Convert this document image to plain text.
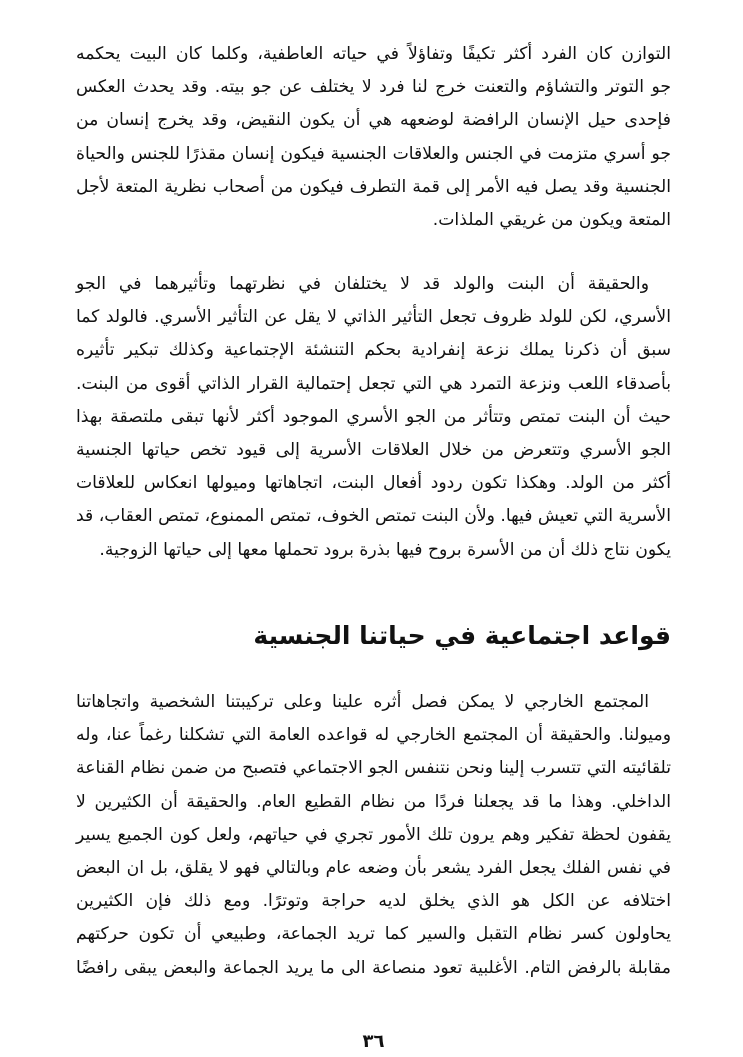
التوازن كان الفرد أكثر تكيفًا وتفاؤلاً في حياته العاطفية، وكلما كان البيت يحكمه
جو التوتر والتشاؤم والتعنت خرج لنا فرد لا يختلف عن جو بيته. وقد يحدث العكس
فإحدى حيل الإنسان الرافضة لوضعهه هي أن يكون النقيض، وقد يخرج إنسان من
جو أسري متزمت في الجنس والعلاقات الجنسية فيكون إنسان مقذرًا للجنس والحياة
الجنسية وقد يصل فيه الأمر إلى قمة التطرف فيكون من أصحاب نظرية المتعة لأجل
المتعة ويكون من غريقي الملذات.

والحقيقة أن البنت والولد قد لا يختلفان في نظرتهما وتأثيرهما في الجو
الأسري، لكن للولد ظروف تجعل التأثير الذاتي لا يقل عن التأثير الأسري. فالولد كما
سبق أن ذكرنا يملك نزعة إنفرادية بحكم التنشئة الإجتماعية وكذلك تبكير تأثيره
بأصدقاء اللعب ونزعة التمرد هي التي تجعل إحتمالية القرار الذاتي أقوى من البنت.
حيث أن البنت تمتص وتتأثر من الجو الأسري الموجود أكثر لأنها تبقى ملتصقة بهذا
الجو الأسري وتتعرض من خلال العلاقات الأسرية إلى قيود تخص حياتها الجنسية
أكثر من الولد. وهكذا تكون ردود أفعال البنت، اتجاهاتها وميولها انعكاس للعلاقات
الأسرية التي تعيش فيها. ولأن البنت تمتص الخوف، تمتص الممنوع، تمتص العقاب، قد
يكون نتاج ذلك أن من الأسرة بروح فيها بذرة برود تحملها معها إلى حياتها الزوجية.

قواعد اجتماعية في حياتنا الجنسية

المجتمع الخارجي لا يمكن فصل أثره علينا وعلى تركيبتنا الشخصية واتجاهاتنا
وميولنا. والحقيقة أن المجتمع الخارجي له قواعده العامة التي تشكلنا رغماً عنا، وله
تلقائيته التي تتسرب إلينا ونحن نتنفس الجو الاجتماعي فتصبح من ضمن نظام القناعة
الداخلي. وهذا ما قد يجعلنا فردًا من نظام القطيع العام. والحقيقة أن الكثيرين لا
يقفون لحظة تفكير وهم يرون تلك الأمور تجري في حياتهم، ولعل كون الجميع يسير
في نفس الفلك يجعل الفرد يشعر بأن وضعه عام وبالتالي فهو لا يقلق، بل ان البعض
اختلافه عن الكل هو الذي يخلق لديه حراجة وتوترًا. ومع ذلك فإن الكثيرين
يحاولون كسر نظام التقبل والسير كما تريد الجماعة، وطبيعي أن تكون حركتهم
مقابلة بالرفض التام. الأغلبية تعود منصاعة الى ما يريد الجماعة والبعض يبقى رافضًا

٣٦
